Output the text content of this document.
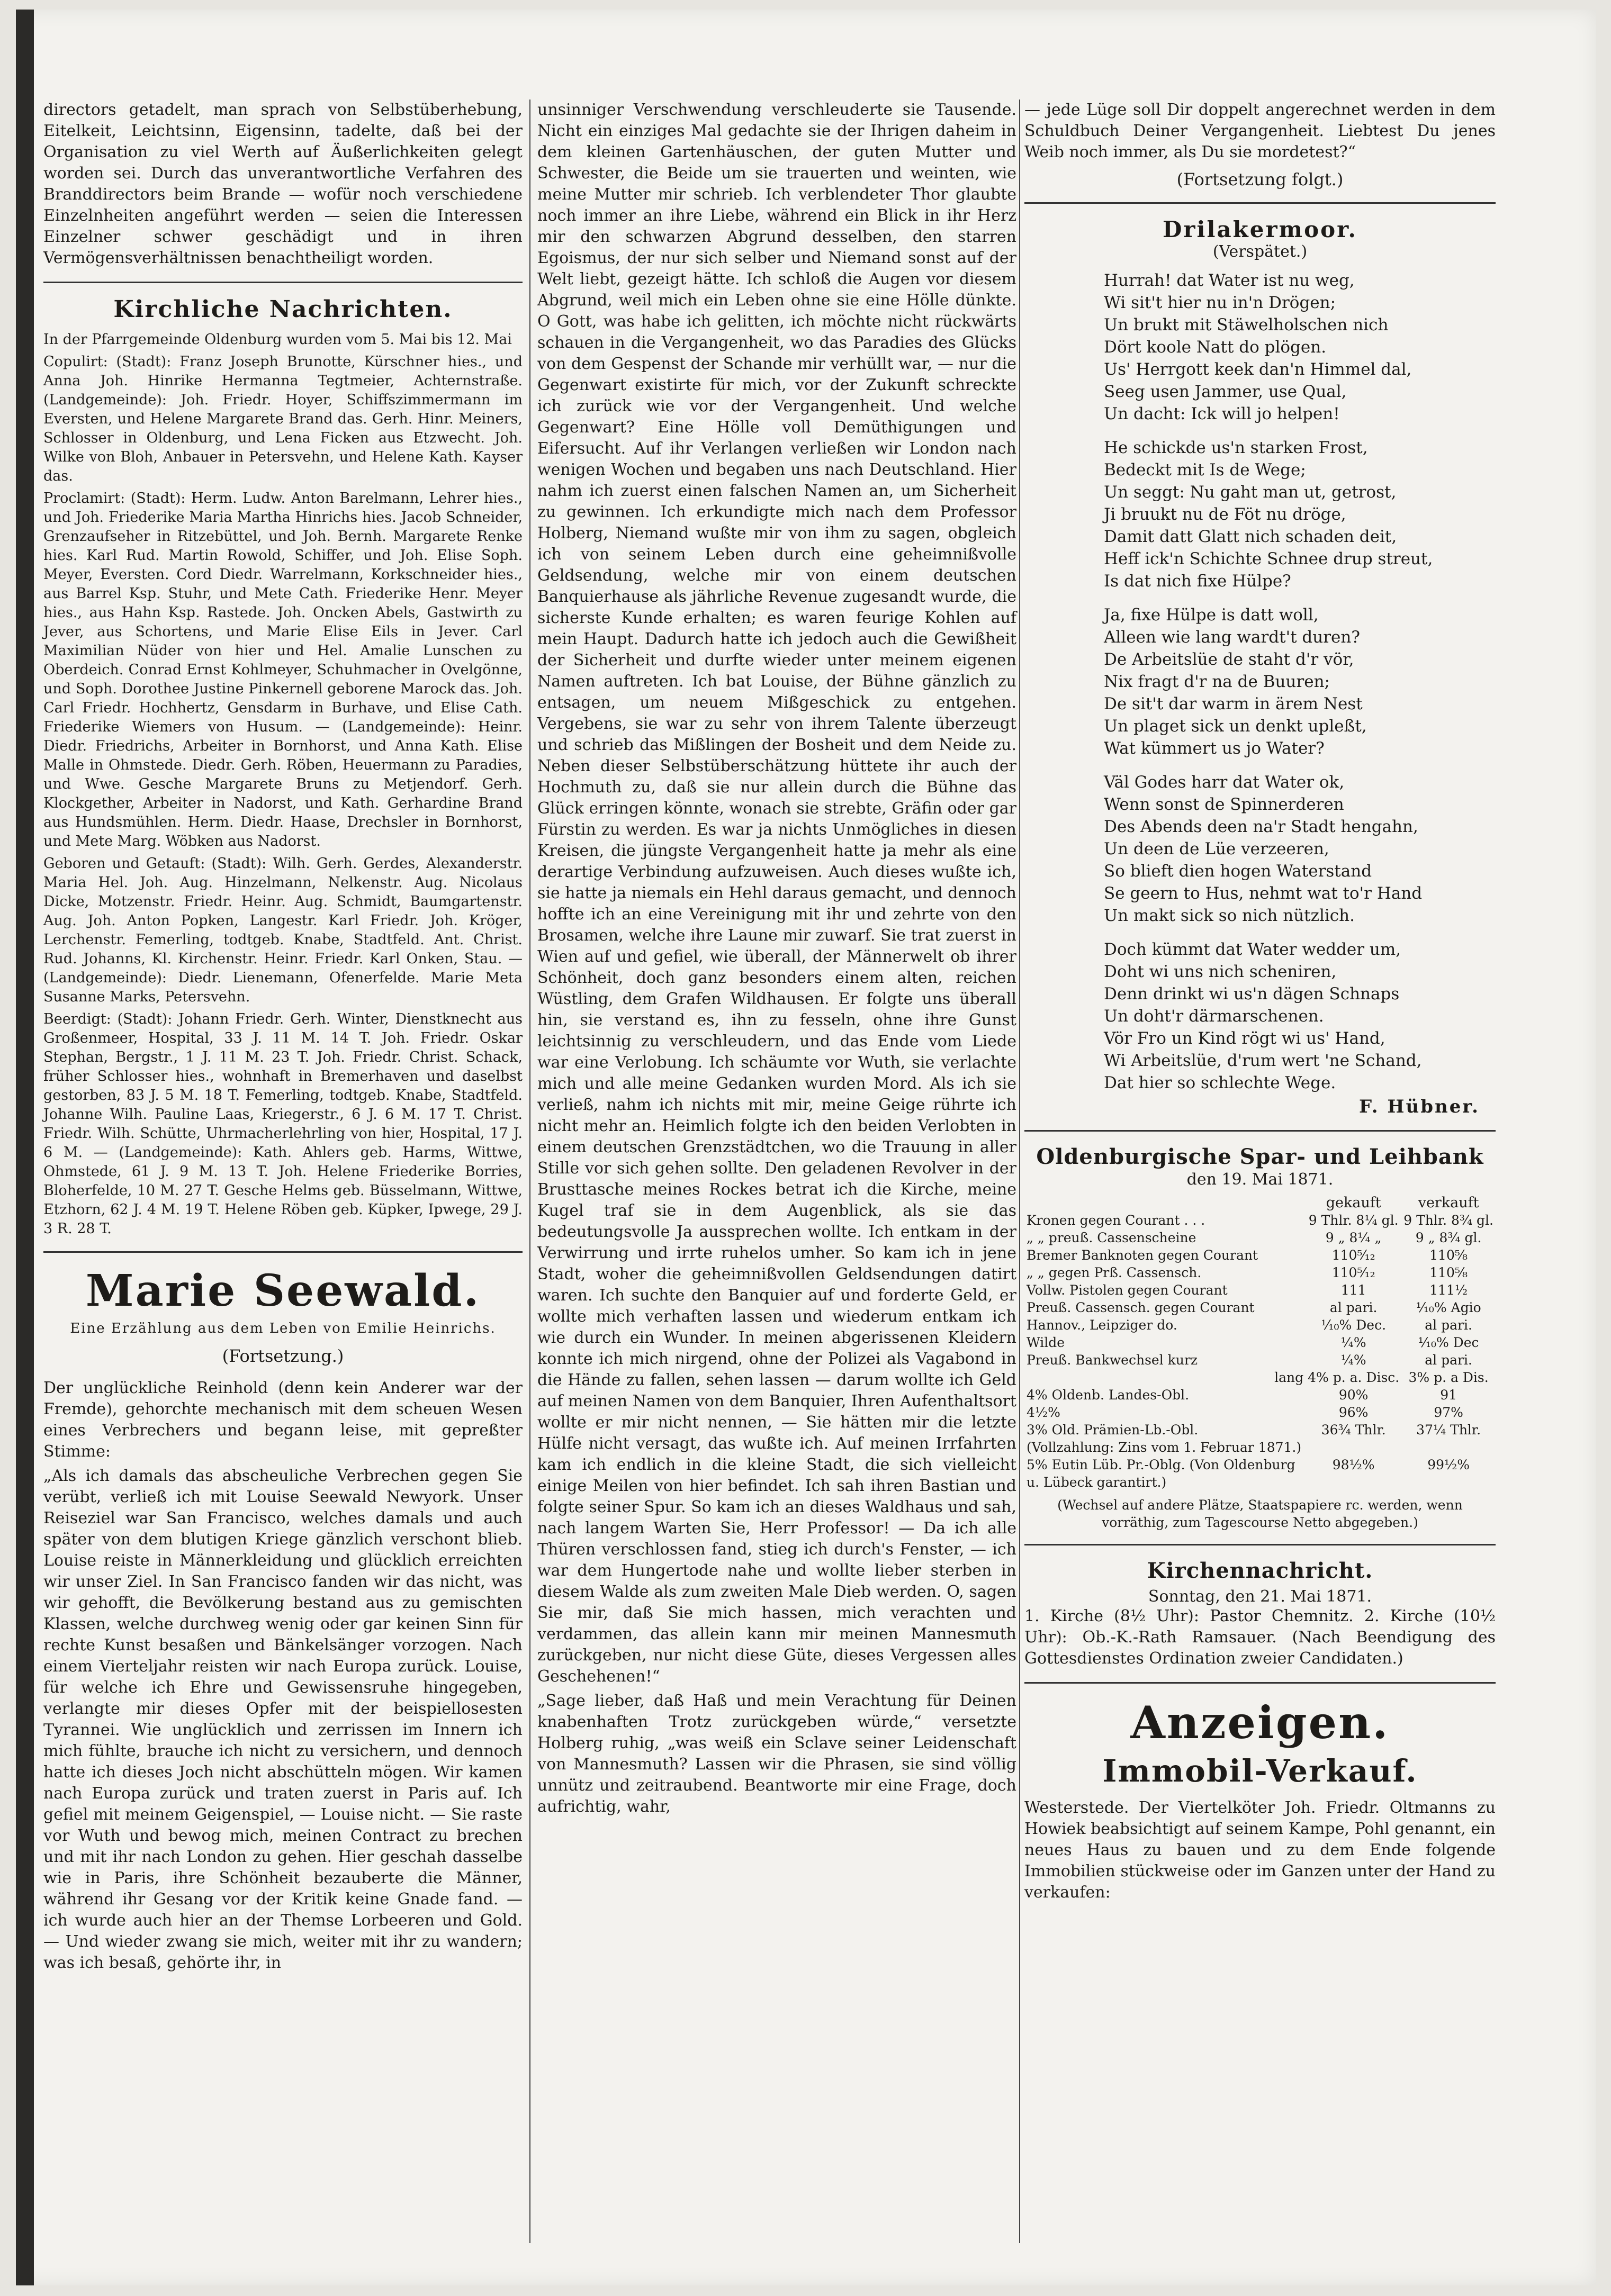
directors getadelt, man sprach von Selbstüberhebung, Eitelkeit, Leichtsinn, Eigensinn, tadelte, daß bei der Organisation zu viel Werth auf Äußerlichkeiten gelegt worden sei. Durch das unverantwortliche Verfahren des Branddirectors beim Brande — wofür noch verschiedene Einzelnheiten angeführt werden — seien die Interessen Einzelner schwer geschädigt und in ihren Vermögensverhältnissen benachtheiligt worden.

Kirchliche Nachrichten.

In der Pfarrgemeinde Oldenburg wurden vom 5. Mai bis 12. Mai

Copulirt: (Stadt): Franz Joseph Brunotte, Kürschner hies., und Anna Joh. Hinrike Hermanna Tegtmeier, Achternstraße. (Landgemeinde): Joh. Friedr. Hoyer, Schiffszimmermann im Eversten, und Helene Margarete Brand das. Gerh. Hinr. Meiners, Schlosser in Oldenburg, und Lena Ficken aus Etzwecht. Joh. Wilke von Bloh, Anbauer in Petersvehn, und Helene Kath. Kayser das.

Proclamirt: (Stadt): Herm. Ludw. Anton Barelmann, Lehrer hies., und Joh. Friederike Maria Martha Hinrichs hies. Jacob Schneider, Grenzaufseher in Ritzebüttel, und Joh. Bernh. Margarete Renke hies. Karl Rud. Martin Rowold, Schiffer, und Joh. Elise Soph. Meyer, Eversten. Cord Diedr. Warrelmann, Korkschneider hies., aus Barrel Ksp. Stuhr, und Mete Cath. Friederike Henr. Meyer hies., aus Hahn Ksp. Rastede. Joh. Oncken Abels, Gastwirth zu Jever, aus Schortens, und Marie Elise Eils in Jever. Carl Maximilian Nüder von hier und Hel. Amalie Lunschen zu Oberdeich. Conrad Ernst Kohlmeyer, Schuhmacher in Ovelgönne, und Soph. Dorothee Justine Pinkernell geborene Marock das. Joh. Carl Friedr. Hochhertz, Gensdarm in Burhave, und Elise Cath. Friederike Wiemers von Husum. — (Landgemeinde): Heinr. Diedr. Friedrichs, Arbeiter in Bornhorst, und Anna Kath. Elise Malle in Ohmstede. Diedr. Gerh. Röben, Heuermann zu Paradies, und Wwe. Gesche Margarete Bruns zu Metjendorf. Gerh. Klockgether, Arbeiter in Nadorst, und Kath. Gerhardine Brand aus Hundsmühlen. Herm. Diedr. Haase, Drechsler in Bornhorst, und Mete Marg. Wöbken aus Nadorst.

Geboren und Getauft: (Stadt): Wilh. Gerh. Gerdes, Alexanderstr. Maria Hel. Joh. Aug. Hinzelmann, Nelkenstr. Aug. Nicolaus Dicke, Motzenstr. Friedr. Heinr. Aug. Schmidt, Baumgartenstr. Aug. Joh. Anton Popken, Langestr. Karl Friedr. Joh. Kröger, Lerchenstr. Femerling, todtgeb. Knabe, Stadtfeld. Ant. Christ. Rud. Johanns, Kl. Kirchenstr. Heinr. Friedr. Karl Onken, Stau. — (Landgemeinde): Diedr. Lienemann, Ofenerfelde. Marie Meta Susanne Marks, Petersvehn.

Beerdigt: (Stadt): Johann Friedr. Gerh. Winter, Dienstknecht aus Großenmeer, Hospital, 33 J. 11 M. 14 T. Joh. Friedr. Oskar Stephan, Bergstr., 1 J. 11 M. 23 T. Joh. Friedr. Christ. Schack, früher Schlosser hies., wohnhaft in Bremerhaven und daselbst gestorben, 83 J. 5 M. 18 T. Femerling, todtgeb. Knabe, Stadtfeld. Johanne Wilh. Pauline Laas, Kriegerstr., 6 J. 6 M. 17 T. Christ. Friedr. Wilh. Schütte, Uhrmacherlehrling von hier, Hospital, 17 J. 6 M. — (Landgemeinde): Kath. Ahlers geb. Harms, Wittwe, Ohmstede, 61 J. 9 M. 13 T. Joh. Helene Friederike Borries, Bloherfelde, 10 M. 27 T. Gesche Helms geb. Büsselmann, Wittwe, Etzhorn, 62 J. 4 M. 19 T. Helene Röben geb. Küpker, Ipwege, 29 J. 3 R. 28 T.

Marie Seewald.
Eine Erzählung aus dem Leben von Emilie Heinrichs.
(Fortsetzung.)

Der unglückliche Reinhold (denn kein Anderer war der Fremde), gehorchte mechanisch mit dem scheuen Wesen eines Verbrechers und begann leise, mit gepreßter Stimme:

„Als ich damals das abscheuliche Verbrechen gegen Sie verübt, verließ ich mit Louise Seewald Newyork. Unser Reiseziel war San Francisco, welches damals und auch später von dem blutigen Kriege gänzlich verschont blieb. Louise reiste in Männerkleidung und glücklich erreichten wir unser Ziel. In San Francisco fanden wir das nicht, was wir gehofft, die Bevölkerung bestand aus zu gemischten Klassen, welche durchweg wenig oder gar keinen Sinn für rechte Kunst besaßen und Bänkelsänger vorzogen. Nach einem Vierteljahr reisten wir nach Europa zurück. Louise, für welche ich Ehre und Gewissensruhe hingegeben, verlangte mir dieses Opfer mit der beispiellosesten Tyrannei. Wie unglücklich und zerrissen im Innern ich mich fühlte, brauche ich nicht zu versichern, und dennoch hatte ich dieses Joch nicht abschütteln mögen. Wir kamen nach Europa zurück und traten zuerst in Paris auf. Ich gefiel mit meinem Geigenspiel, — Louise nicht. — Sie raste vor Wuth und bewog mich, meinen Contract zu brechen und mit ihr nach London zu gehen. Hier geschah dasselbe wie in Paris, ihre Schönheit bezauberte die Männer, während ihr Gesang vor der Kritik keine Gnade fand. — ich wurde auch hier an der Themse Lorbeeren und Gold. — Und wieder zwang sie mich, weiter mit ihr zu wandern; was ich besaß, gehörte ihr, in

unsinniger Verschwendung verschleuderte sie Tausende. Nicht ein einziges Mal gedachte sie der Ihrigen daheim in dem kleinen Gartenhäuschen, der guten Mutter und Schwester, die Beide um sie trauerten und weinten, wie meine Mutter mir schrieb. Ich verblendeter Thor glaubte noch immer an ihre Liebe, während ein Blick in ihr Herz mir den schwarzen Abgrund desselben, den starren Egoismus, der nur sich selber und Niemand sonst auf der Welt liebt, gezeigt hätte. Ich schloß die Augen vor diesem Abgrund, weil mich ein Leben ohne sie eine Hölle dünkte. O Gott, was habe ich gelitten, ich möchte nicht rückwärts schauen in die Vergangenheit, wo das Paradies des Glücks von dem Gespenst der Schande mir verhüllt war, — nur die Gegenwart existirte für mich, vor der Zukunft schreckte ich zurück wie vor der Vergangenheit. Und welche Gegenwart? Eine Hölle voll Demüthigungen und Eifersucht. Auf ihr Verlangen verließen wir London nach wenigen Wochen und begaben uns nach Deutschland. Hier nahm ich zuerst einen falschen Namen an, um Sicherheit zu gewinnen. Ich erkundigte mich nach dem Professor Holberg, Niemand wußte mir von ihm zu sagen, obgleich ich von seinem Leben durch eine geheimnißvolle Geldsendung, welche mir von einem deutschen Banquierhause als jährliche Revenue zugesandt wurde, die sicherste Kunde erhalten; es waren feurige Kohlen auf mein Haupt. Dadurch hatte ich jedoch auch die Gewißheit der Sicherheit und durfte wieder unter meinem eigenen Namen auftreten. Ich bat Louise, der Bühne gänzlich zu entsagen, um neuem Mißgeschick zu entgehen. Vergebens, sie war zu sehr von ihrem Talente überzeugt und schrieb das Mißlingen der Bosheit und dem Neide zu. Neben dieser Selbstüberschätzung hüttete ihr auch der Hochmuth zu, daß sie nur allein durch die Bühne das Glück erringen könnte, wonach sie strebte, Gräfin oder gar Fürstin zu werden. Es war ja nichts Unmögliches in diesen Kreisen, die jüngste Vergangenheit hatte ja mehr als eine derartige Verbindung aufzuweisen. Auch dieses wußte ich, sie hatte ja niemals ein Hehl daraus gemacht, und dennoch hoffte ich an eine Vereinigung mit ihr und zehrte von den Brosamen, welche ihre Laune mir zuwarf. Sie trat zuerst in Wien auf und gefiel, wie überall, der Männerwelt ob ihrer Schönheit, doch ganz besonders einem alten, reichen Wüstling, dem Grafen Wildhausen. Er folgte uns überall hin, sie verstand es, ihn zu fesseln, ohne ihre Gunst leichtsinnig zu verschleudern, und das Ende vom Liede war eine Verlobung. Ich schäumte vor Wuth, sie verlachte mich und alle meine Gedanken wurden Mord. Als ich sie verließ, nahm ich nichts mit mir, meine Geige rührte ich nicht mehr an. Heimlich folgte ich den beiden Verlobten in einem deutschen Grenzstädtchen, wo die Trauung in aller Stille vor sich gehen sollte. Den geladenen Revolver in der Brusttasche meines Rockes betrat ich die Kirche, meine Kugel traf sie in dem Augenblick, als sie das bedeutungsvolle Ja aussprechen wollte. Ich entkam in der Verwirrung und irrte ruhelos umher. So kam ich in jene Stadt, woher die geheimnißvollen Geldsendungen datirt waren. Ich suchte den Banquier auf und forderte Geld, er wollte mich verhaften lassen und wiederum entkam ich wie durch ein Wunder. In meinen abgerissenen Kleidern konnte ich mich nirgend, ohne der Polizei als Vagabond in die Hände zu fallen, sehen lassen — darum wollte ich Geld auf meinen Namen von dem Banquier, Ihren Aufenthaltsort wollte er mir nicht nennen, — Sie hätten mir die letzte Hülfe nicht versagt, das wußte ich. Auf meinen Irrfahrten kam ich endlich in die kleine Stadt, die sich vielleicht einige Meilen von hier befindet. Ich sah ihren Bastian und folgte seiner Spur. So kam ich an dieses Waldhaus und sah, nach langem Warten Sie, Herr Professor! — Da ich alle Thüren verschlossen fand, stieg ich durch's Fenster, — ich war dem Hungertode nahe und wollte lieber sterben in diesem Walde als zum zweiten Male Dieb werden. O, sagen Sie mir, daß Sie mich hassen, mich verachten und verdammen, das allein kann mir meinen Mannesmuth zurückgeben, nur nicht diese Güte, dieses Vergessen alles Geschehenen!“

„Sage lieber, daß Haß und mein Verachtung für Deinen knabenhaften Trotz zurückgeben würde,“ versetzte Holberg ruhig, „was weiß ein Sclave seiner Leidenschaft von Mannesmuth? Lassen wir die Phrasen, sie sind völlig unnütz und zeitraubend. Beantworte mir eine Frage, doch aufrichtig, wahr,

— jede Lüge soll Dir doppelt angerechnet werden in dem Schuldbuch Deiner Vergangenheit. Liebtest Du jenes Weib noch immer, als Du sie mordetest?“

(Fortsetzung folgt.)
Drilakermoor.
(Verspätet.)

Hurrah! dat Water ist nu weg,

Wi sit't hier nu in'n Drögen;

Un brukt mit Stäwelholschen nich

Dört koole Natt do plögen.

Us' Herrgott keek dan'n Himmel dal,

Seeg usen Jammer, use Qual,

Un dacht: Ick will jo helpen!

He schickde us'n starken Frost,

Bedeckt mit Is de Wege;

Un seggt: Nu gaht man ut, getrost,

Ji bruukt nu de Föt nu dröge,

Damit datt Glatt nich schaden deit,

Heff ick'n Schichte Schnee drup streut,

Is dat nich fixe Hülpe?

Ja, fixe Hülpe is datt woll,

Alleen wie lang wardt't duren?

De Arbeitslüe de staht d'r vör,

Nix fragt d'r na de Buuren;

De sit't dar warm in ärem Nest

Un plaget sick un denkt upleßt,

Wat kümmert us jo Water?

Väl Godes harr dat Water ok,

Wenn sonst de Spinnerderen

Des Abends deen na'r Stadt hengahn,

Un deen de Lüe verzeeren,

So blieft dien hogen Waterstand

Se geern to Hus, nehmt wat to'r Hand

Un makt sick so nich nützlich.

Doch kümmt dat Water wedder um,

Doht wi uns nich scheniren,

Denn drinkt wi us'n dägen Schnaps

Un doht'r därmarschenen.

Vör Fro un Kind rögt wi us' Hand,

Wi Arbeitslüe, d'rum wert 'ne Schand,

Dat hier so schlechte Wege.

F. Hübner.
Oldenburgische Spar- und Leihbank
den 19. Mai 1871.
	gekauft	verkauft
Kronen gegen Courant . . .	9 Thlr. 8¼ gl.	9 Thlr. 8¾ gl.
„ „ preuß. Cassenscheine	9 „ 8¼ „	9 „ 8¾ gl.
Bremer Banknoten gegen Courant	110⁵⁄₁₂	110⁵⁄₈
„ „ gegen Prß. Cassensch.	110⁵⁄₁₂	110⁵⁄₈
Vollw. Pistolen gegen Courant	111	111½
Preuß. Cassensch. gegen Courant	al pari.	⅒% Agio
Hannov., Leipziger do.	⅒% Dec.	al pari.
Wilde	¼%	⅒% Dec
Preuß. Bankwechsel kurz	¼%	al pari.
lang	4% p. a. Disc.	3% p. a Dis.
4% Oldenb. Landes-Obl.	90%	91
4½%	96%	97%
3% Old. Prämien-Lb.-Obl.	36¾ Thlr.	37¼ Thlr.
(Vollzahlung: Zins vom 1. Februar 1871.)		
5% Eutin Lüb. Pr.-Oblg. (Von Oldenburg u. Lübeck garantirt.)	98½%	99½%
(Wechsel auf andere Plätze, Staatspapiere rc. werden, wenn vorräthig, zum Tagescourse Netto abgegeben.)
Kirchennachricht.
Sonntag, den 21. Mai 1871.

1. Kirche (8½ Uhr): Pastor Chemnitz. 2. Kirche (10½ Uhr): Ob.-K.-Rath Ramsauer. (Nach Beendigung des Gottesdienstes Ordination zweier Candidaten.)

Anzeigen.
Immobil-Verkauf.

Westerstede. Der Viertelköter Joh. Friedr. Oltmanns zu Howiek beabsichtigt auf seinem Kampe, Pohl genannt, ein neues Haus zu bauen und zu dem Ende folgende Immobilien stückweise oder im Ganzen unter der Hand zu verkaufen:
